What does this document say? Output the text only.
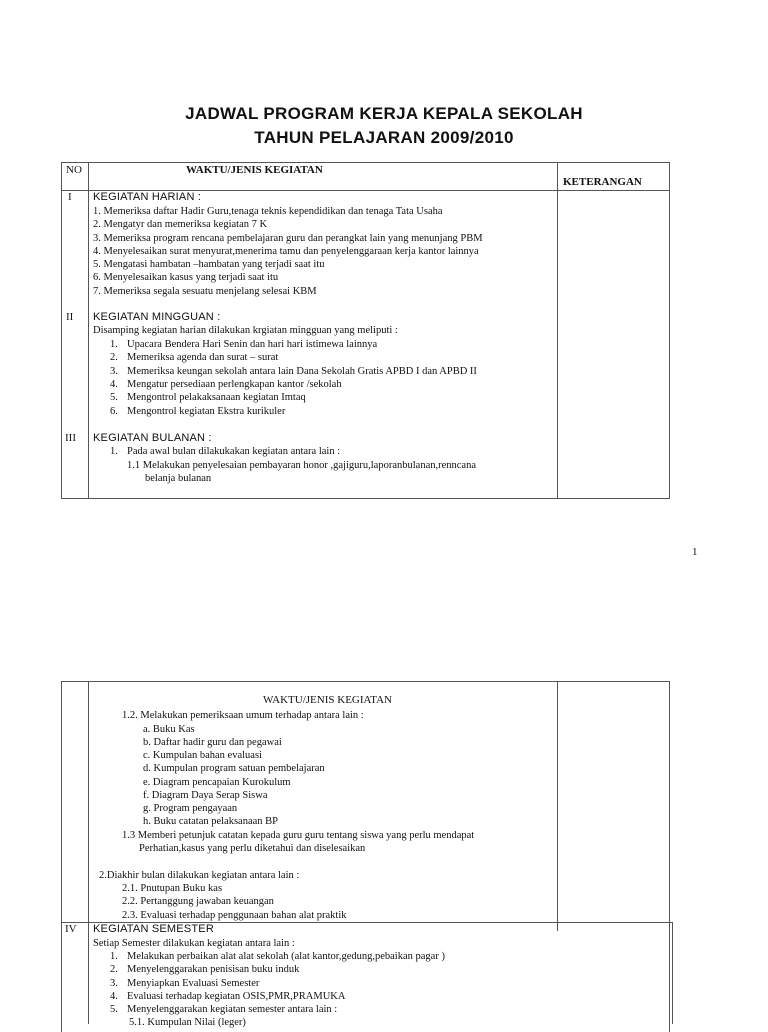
JADWAL PROGRAM KERJA KEPALA SEKOLAH
TAHUN PELAJARAN 2009/2010
NO	WAKTU/JENIS KEGIATAN
KETERANGAN
I KEGIATAN HARIAN :
1. Memeriksa daftar Hadir Guru,tenaga teknis kependidikan dan tenaga Tata Usaha
2. Mengatyr dan memeriksa kegiatan 7 K
3. Memeriksa program rencana pembelajaran guru dan perangkat lain yang menunjang PBM
4. Menyelesaikan surat menyurat,menerima tamu dan penyelenggaraan kerja kantor lainnya
5. Mengatasi hambatan –hambatan yang terjadi saat itu
6. Menyelesaikan kasus yang terjadi saat itu
7. Memeriksa segala sesuatu menjelang selesai KBM
II KEGIATAN MINGGUAN :
Disamping kegiatan harian dilakukan krgiatan mingguan yang meliputi :
1. Upacara Bendera Hari Senin dan hari hari istimewa lainnya
2. Memeriksa agenda dan surat – surat
3. Memeriksa keungan sekolah antara lain Dana Sekolah Gratis APBD I dan APBD II
4. Mengatur persediaan perlengkapan kantor /sekolah
5. Mengontrol pelakaksanaan kegiatan Imtaq
6. Mengontrol kegiatan Ekstra kurikuler
III KEGIATAN BULANAN :
1. Pada awal bulan dilakukakan kegiatan antara lain :
1.1 Melakukan penyelesaian pembayaran honor ,gajiguru,laporanbulanan,renncana
belanja bulanan
1
WAKTU/JENIS KEGIATAN
1.2. Melakukan pemeriksaan umum terhadap antara lain :
a. Buku Kas
b. Daftar hadir guru dan pegawai
c. Kumpulan bahan evaluasi
d. Kumpulan program satuan pembelajaran
e. Diagram pencapaian Kurokulum
f. Diagram Daya Serap Siswa
g. Program pengayaan
h. Buku catatan pelaksanaan BP
1.3 Memberi petunjuk catatan kepada guru guru tentang siswa yang perlu mendapat
Perhatian,kasus yang perlu diketahui dan diselesaikan
2.Diakhir bulan dilakukan kegiatan antara lain :
2.1. Pnutupan Buku kas
2.2. Pertanggung jawaban keuangan
2.3. Evaluasi terhadap penggunaan bahan alat praktik
IV KEGIATAN SEMESTER
Setiap Semester dilakukan kegiatan antara lain :
1. Melakukan perbaikan alat alat sekolah (alat kantor,gedung,pebaikan pagar )
2. Menyelenggarakan penisisan buku induk
3. Menyiapkan Evaluasi Semester
4. Evaluasi terhadap kegiatan OSIS,PMR,PRAMUKA
5. Menyelenggarakan kegiatan semester antara lain :
5.1. Kumpulan Nilai (leger)
